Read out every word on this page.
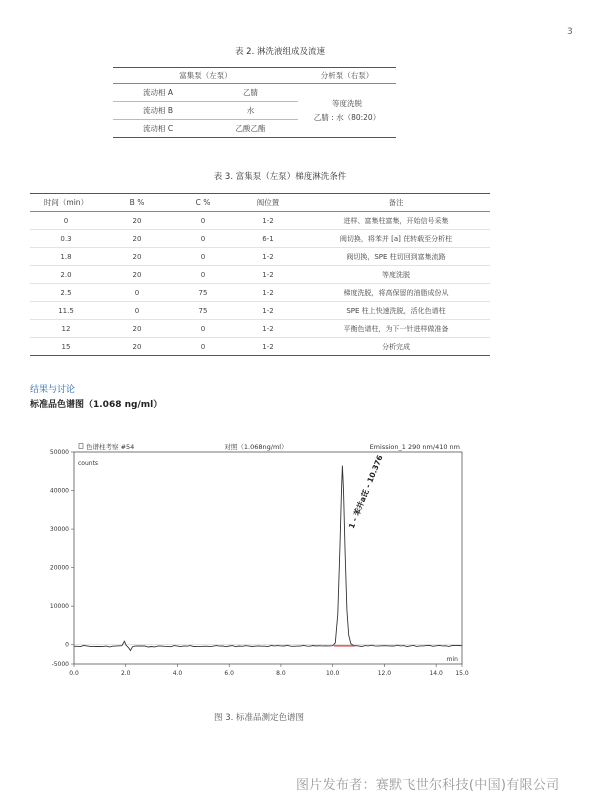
3
表 2. 淋洗液组成及流速
富集泵（左泵）		分析泵（右泵）
流动相 A	乙腈	等度洗脱
乙腈 : 水（80:20）

流动相 B	水	
流动相 C	乙酸乙酯	
表 3. 富集泵（左泵）梯度淋洗条件
时间（min）	B %	C %	阀位置	备注
0	20	0	1-2	进样、富集柱富集，开始信号采集
0.3	20	0	6-1	阀切换，将苯并 [a] 芘转载至分析柱
1.8	20	0	1-2	阀切换，SPE 柱切回到富集流路
2.0	20	0	1-2	等度洗脱
2.5	0	75	1-2	梯度洗脱，将高保留的油脂成份从
11.5	0	75	1-2	SPE 柱上快速洗脱，活化色谱柱
12	20	0	1-2	平衡色谱柱，为下一针进样做准备
15	20	0	1-2	分析完成
结果与讨论
标准品色谱图（1.068 ng/ml）
色谱柱考察 #54	对照（1.068ng/ml）	Emission_1 290 nm/410 nm
counts
min
50000
40000
30000
20000
10000
0
-5000
0.0	2.0	4.0	6.0	8.0	10.0	12.0	14.0 15.0
1 - 苯并a芘 - 10.376
图 3. 标准品测定色谱图
图片发布者：赛默飞世尔科技(中国)有限公司
